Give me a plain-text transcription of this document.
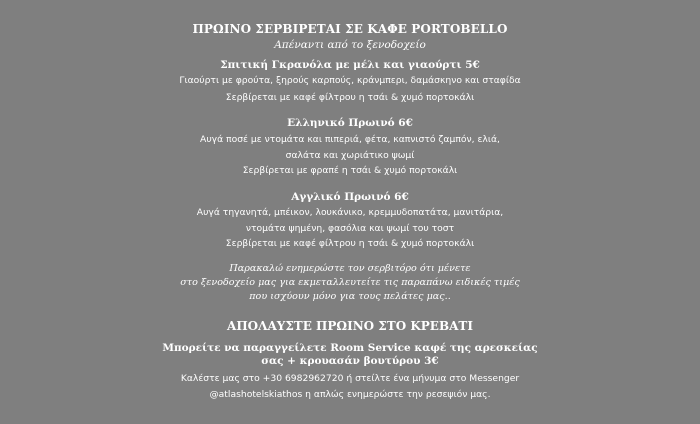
ΠΡΩΙΝΟ ΣΕΡΒΙΡΕΤΑΙ ΣΕ ΚΑΦΕ PORTOBELLO
Απέναντι από το ξενοδοχείο
Σπιτική Γκρανόλα με μέλι και γιαούρτι 5€
Γιαούρτι με φρούτα, ξηρούς καρπούς, κράνμπερι, δαμάσκηνο και σταφίδα
Σερβίρεται με καφέ φίλτρου η τσάι & χυμό πορτοκάλι
Ελληνικό Πρωινό 6€
Αυγά ποσέ με ντομάτα και πιπεριά, φέτα, καπνιστό ζαμπόν, ελιά,
σαλάτα και χωριάτικο ψωμί
Σερβίρεται με φραπέ η τσάι & χυμό πορτοκάλι
Αγγλικό Πρωινό 6€
Αυγά τηγανητά, μπέικον, λουκάνικο, κρεμμυδοπατάτα, μανιτάρια,
ντομάτα ψημένη, φασόλια και ψωμί του τοστ
Σερβίρεται με καφέ φίλτρου η τσάι & χυμό πορτοκάλι
Παρακαλώ ενημερώστε τον σερβιτόρο ότι μένετε
στο ξενοδοχείο μας για εκμεταλλευτείτε τις παραπάνω ειδικές τιμές
που ισχύουν μόνο για τους πελάτες μας..
ΑΠΟΛΑΥΣΤΕ ΠΡΩΙΝΟ ΣΤΟ ΚΡΕΒΑΤΙ
Μπορείτε να παραγγείλετε Room Service καφέ της αρεσκείας
σας + κρουασάν βουτύρου 3€
Καλέστε μας στο +30 6982962720 ή στείλτε ένα μήνυμα στο Messenger
@atlashotelskiathos η απλώς ενημερώστε την ρεσεψιόν μας.
